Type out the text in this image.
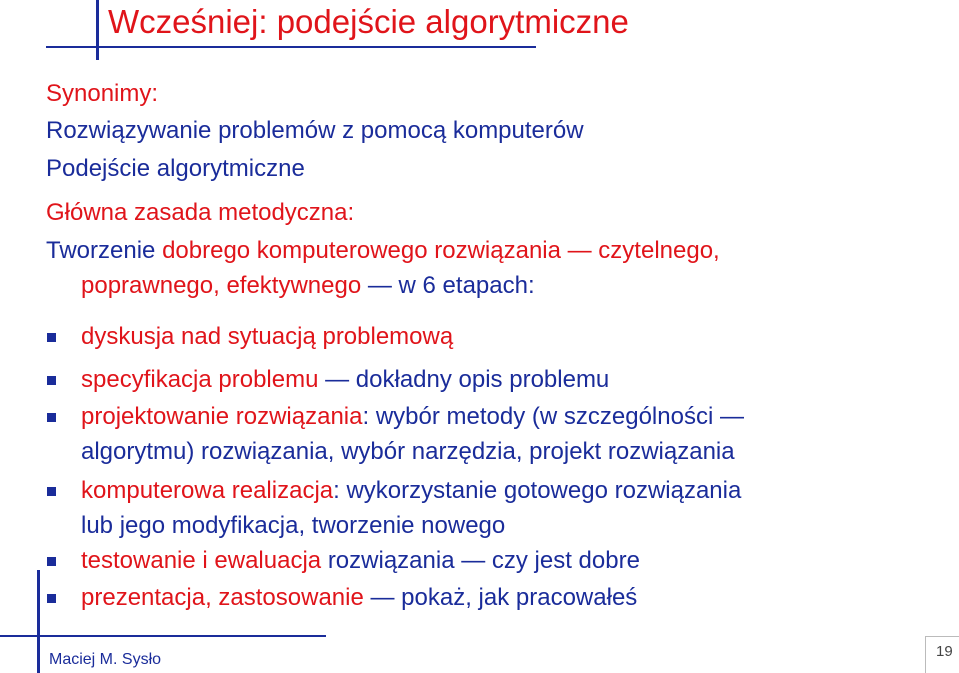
Wcześniej: podejście algorytmiczne
Synonimy:
Rozwiązywanie problemów z pomocą komputerów
Podejście algorytmiczne
Główna zasada metodyczna:
Tworzenie dobrego komputerowego rozwiązania — czytelnego,
poprawnego, efektywnego — w 6 etapach:
dyskusja nad sytuacją problemową
specyfikacja problemu — dokładny opis problemu
projektowanie rozwiązania: wybór metody (w szczególności —
algorytmu) rozwiązania, wybór narzędzia, projekt rozwiązania
komputerowa realizacja: wykorzystanie gotowego rozwiązania
lub jego modyfikacja, tworzenie nowego
testowanie i ewaluacja rozwiązania — czy jest dobre
prezentacja, zastosowanie — pokaż, jak pracowałeś
Maciej M. Sysło	19
